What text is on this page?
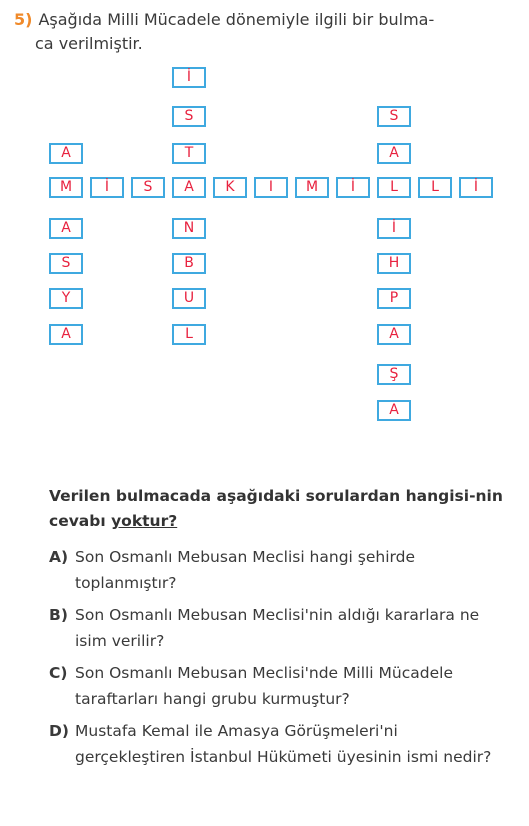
5) Aşağıda Milli Mücadele dönemiyle ilgili bir bulma-
ca verilmiştir.
A
M
A
S
Y
A
İ
S
T
N
B
U
L
S
A
İ
H
P
A
Ş
A
İ	S	A	K	I	M	İ	L	L	İ
Verilen bulmacada aşağıdaki sorulardan hangisi-nin cevabı yoktur?
A) Son Osmanlı Mebusan Meclisi hangi şehirde toplanmıştır?
B) Son Osmanlı Mebusan Meclisi'nin aldığı kararlara ne isim verilir?
C) Son Osmanlı Mebusan Meclisi'nde Milli Mücadele taraftarları hangi grubu kurmuştur?
D) Mustafa Kemal ile Amasya Görüşmeleri'ni gerçekleştiren İstanbul Hükümeti üyesinin ismi nedir?
